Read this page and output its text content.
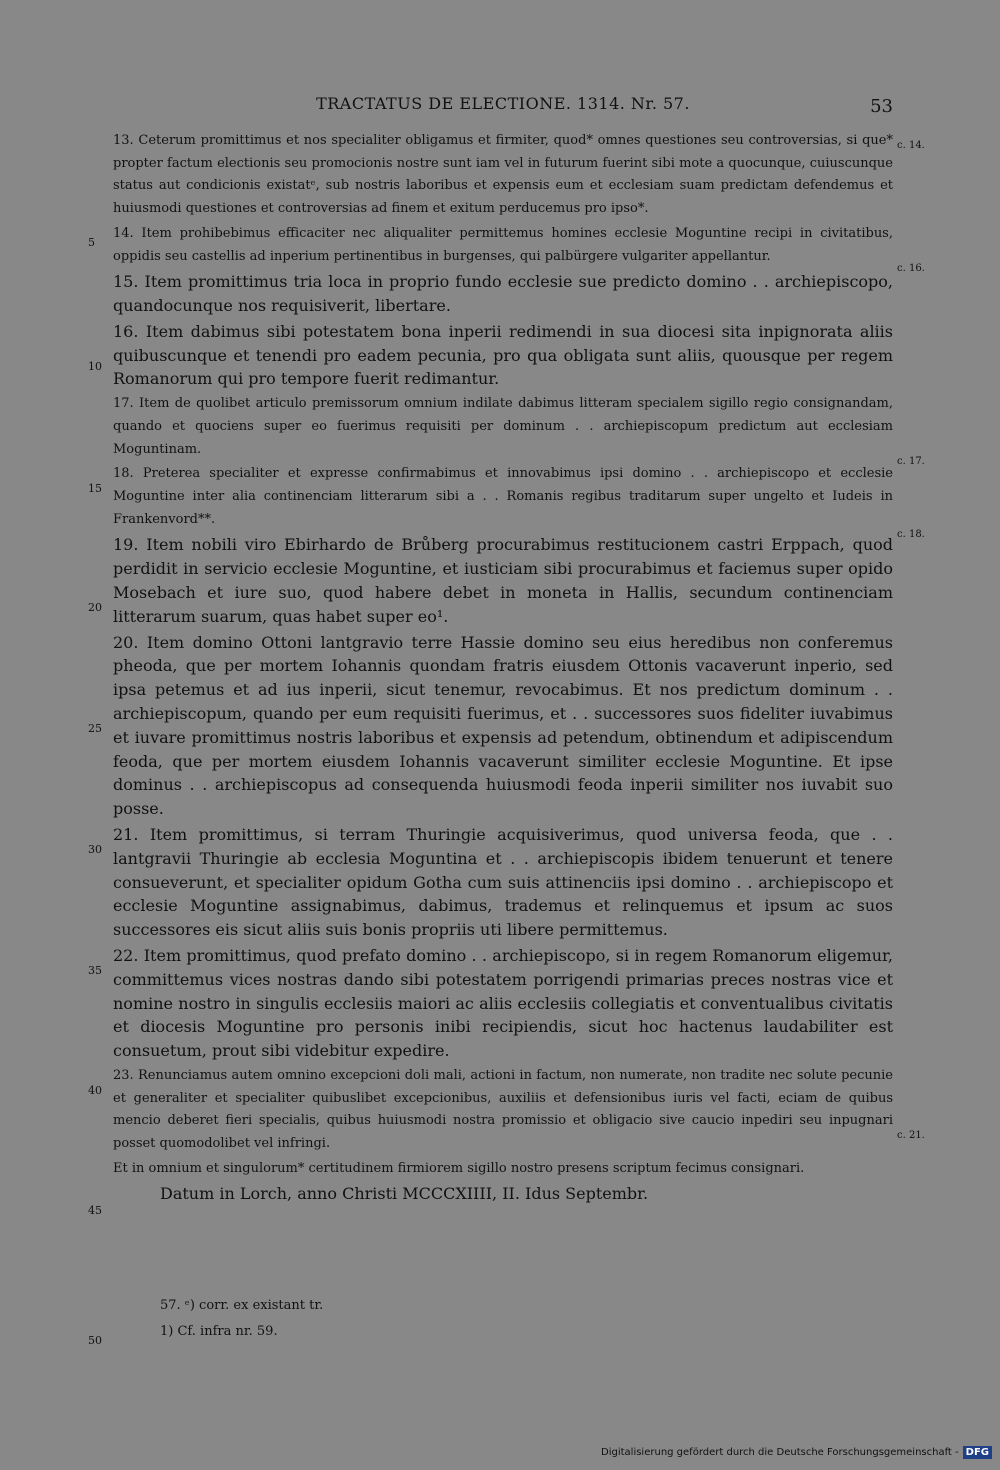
TRACTATUS DE ELECTIONE. 1314. Nr. 57.	53
5
10
15
20
25
30
35
40
45
50
c. 14.
c. 16.
c. 17.
c. 18.
c. 21.

13. Ceterum promittimus et nos specialiter obligamus et firmiter, quod* omnes questiones seu controversias, si que* propter factum electionis seu promocionis nostre sunt iam vel in futurum fuerint sibi mote a quocunque, cuiuscunque status aut condicionis existatᵉ, sub nostris laboribus et expensis eum et ecclesiam suam predictam defendemus et huiusmodi questiones et controversias ad finem et exitum perducemus pro ipso*.

14. Item prohibebimus efficaciter nec aliqualiter permittemus homines ecclesie Moguntine recipi in civitatibus, oppidis seu castellis ad inperium pertinentibus in burgenses, qui palbürgere vulgariter appellantur.

15. Item promittimus tria loca in proprio fundo ecclesie sue predicto domino . . archiepiscopo, quandocunque nos requisiverit, libertare.

16. Item dabimus sibi potestatem bona inperii redimendi in sua diocesi sita inpignorata aliis quibuscunque et tenendi pro eadem pecunia, pro qua obligata sunt aliis, quousque per regem Romanorum qui pro tempore fuerit redimantur.

17. Item de quolibet articulo premissorum omnium indilate dabimus litteram specialem sigillo regio consignandam, quando et quociens super eo fuerimus requisiti per dominum . . archiepiscopum predictum aut ecclesiam Moguntinam.

18. Preterea specialiter et expresse confirmabimus et innovabimus ipsi domino . . archiepiscopo et ecclesie Moguntine inter alia continenciam litterarum sibi a . . Romanis regibus traditarum super ungelto et Iudeis in Frankenvord**.

19. Item nobili viro Ebirhardo de Brůberg procurabimus restitucionem castri Erppach, quod perdidit in servicio ecclesie Moguntine, et iusticiam sibi procurabimus et faciemus super opido Mosebach et iure suo, quod habere debet in moneta in Hallis, secundum continenciam litterarum suarum, quas habet super eo¹.

20. Item domino Ottoni lantgravio terre Hassie domino seu eius heredibus non conferemus pheoda, que per mortem Iohannis quondam fratris eiusdem Ottonis vacaverunt inperio, sed ipsa petemus et ad ius inperii, sicut tenemur, revocabimus. Et nos predictum dominum . . archiepiscopum, quando per eum requisiti fuerimus, et . . successores suos fideliter iuvabimus et iuvare promittimus nostris laboribus et expensis ad petendum, obtinendum et adipiscendum feoda, que per mortem eiusdem Iohannis vacaverunt similiter ecclesie Moguntine. Et ipse dominus . . archiepiscopus ad consequenda huiusmodi feoda inperii similiter nos iuvabit suo posse.

21. Item promittimus, si terram Thuringie acquisiverimus, quod universa feoda, que . . lantgravii Thuringie ab ecclesia Moguntina et . . archiepiscopis ibidem tenuerunt et tenere consueverunt, et specialiter opidum Gotha cum suis attinenciis ipsi domino . . archiepiscopo et ecclesie Moguntine assignabimus, dabimus, trademus et relinquemus et ipsum ac suos successores eis sicut aliis suis bonis propriis uti libere permittemus.

22. Item promittimus, quod prefato domino . . archiepiscopo, si in regem Romanorum eligemur, committemus vices nostras dando sibi potestatem porrigendi primarias preces nostras vice et nomine nostro in singulis ecclesiis maiori ac aliis ecclesiis collegiatis et conventualibus civitatis et diocesis Moguntine pro personis inibi recipiendis, sicut hoc hactenus laudabiliter est consuetum, prout sibi videbitur expedire.

23. Renunciamus autem omnino excepcioni doli mali, actioni in factum, non numerate, non tradite nec solute pecunie et generaliter et specialiter quibuslibet excepcionibus, auxiliis et defensionibus iuris vel facti, eciam de quibus mencio deberet fieri specialis, quibus huiusmodi nostra promissio et obligacio sive caucio inpediri seu inpugnari posset quomodolibet vel infringi.

Et in omnium et singulorum* certitudinem firmiorem sigillo nostro presens scriptum fecimus consignari.

Datum in Lorch, anno Christi MCCCXIIII, II. Idus Septembr.

57. ᵉ) corr. ex existant tr.
1) Cf. infra nr. 59.
Digitalisierung gefördert durch die Deutsche Forschungsgemeinschaft - DFG
